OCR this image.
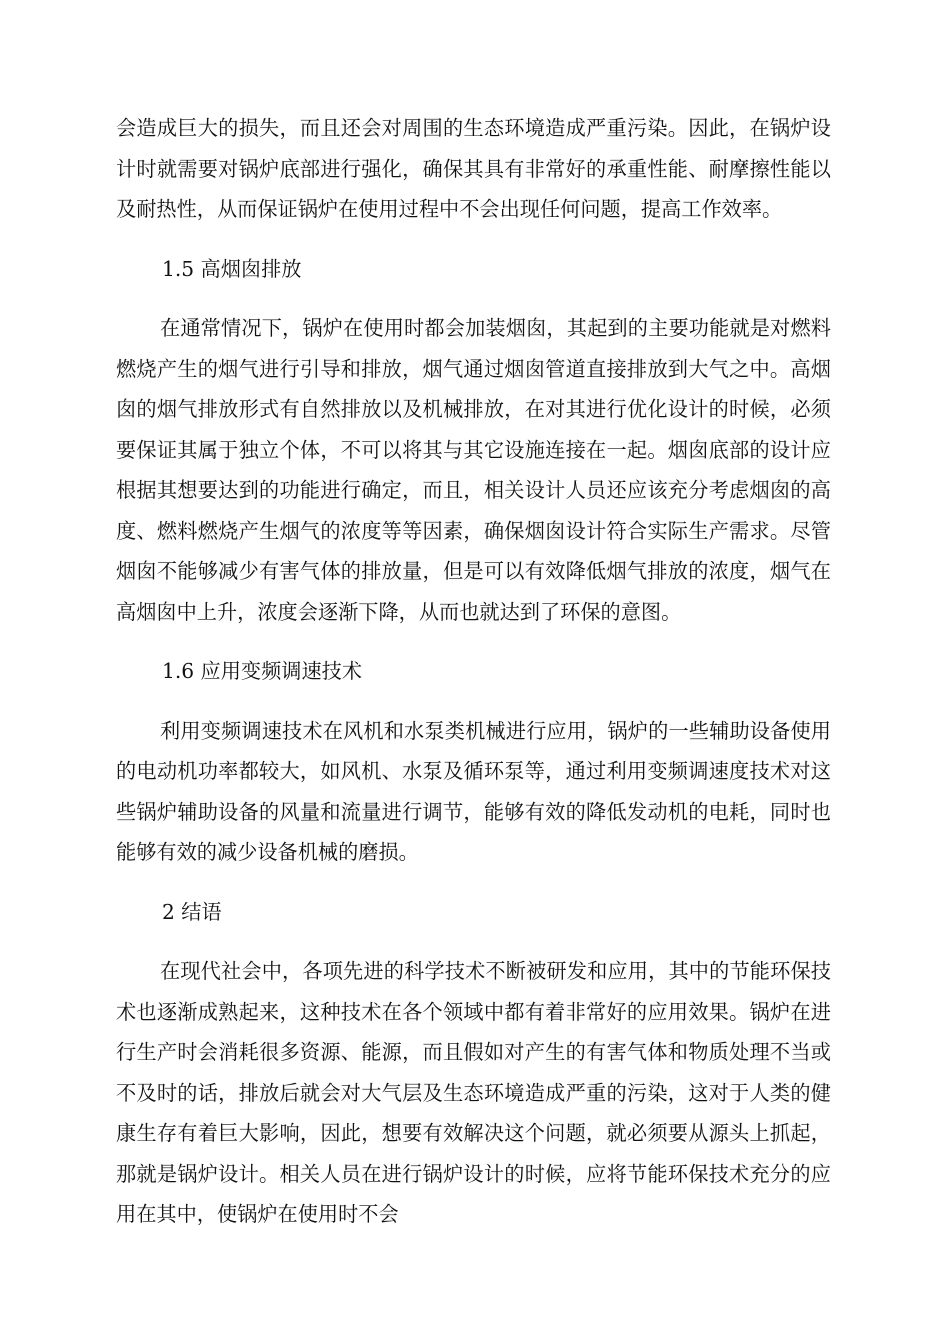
会造成巨大的损失，而且还会对周围的生态环境造成严重污染。因此，在锅炉设计时就需要对锅炉底部进行强化，确保其具有非常好的承重性能、耐摩擦性能以及耐热性，从而保证锅炉在使用过程中不会出现任何问题，提高工作效率。

1.5 高烟囱排放

在通常情况下，锅炉在使用时都会加装烟囱，其起到的主要功能就是对燃料燃烧产生的烟气进行引导和排放，烟气通过烟囱管道直接排放到大气之中。高烟囱的烟气排放形式有自然排放以及机械排放，在对其进行优化设计的时候，必须要保证其属于独立个体，不可以将其与其它设施连接在一起。烟囱底部的设计应根据其想要达到的功能进行确定，而且，相关设计人员还应该充分考虑烟囱的高度、燃料燃烧产生烟气的浓度等等因素，确保烟囱设计符合实际生产需求。尽管烟囱不能够减少有害气体的排放量，但是可以有效降低烟气排放的浓度，烟气在高烟囱中上升，浓度会逐渐下降，从而也就达到了环保的意图。

1.6 应用变频调速技术

利用变频调速技术在风机和水泵类机械进行应用，锅炉的一些辅助设备使用的电动机功率都较大，如风机、水泵及循环泵等，通过利用变频调速度技术对这些锅炉辅助设备的风量和流量进行调节，能够有效的降低发动机的电耗，同时也能够有效的减少设备机械的磨损。

2 结语

在现代社会中，各项先进的科学技术不断被研发和应用，其中的节能环保技术也逐渐成熟起来，这种技术在各个领域中都有着非常好的应用效果。锅炉在进行生产时会消耗很多资源、能源，而且假如对产生的有害气体和物质处理不当或不及时的话，排放后就会对大气层及生态环境造成严重的污染，这对于人类的健康生存有着巨大影响，因此，想要有效解决这个问题，就必须要从源头上抓起，那就是锅炉设计。相关人员在进行锅炉设计的时候，应将节能环保技术充分的应用在其中，使锅炉在使用时不会
